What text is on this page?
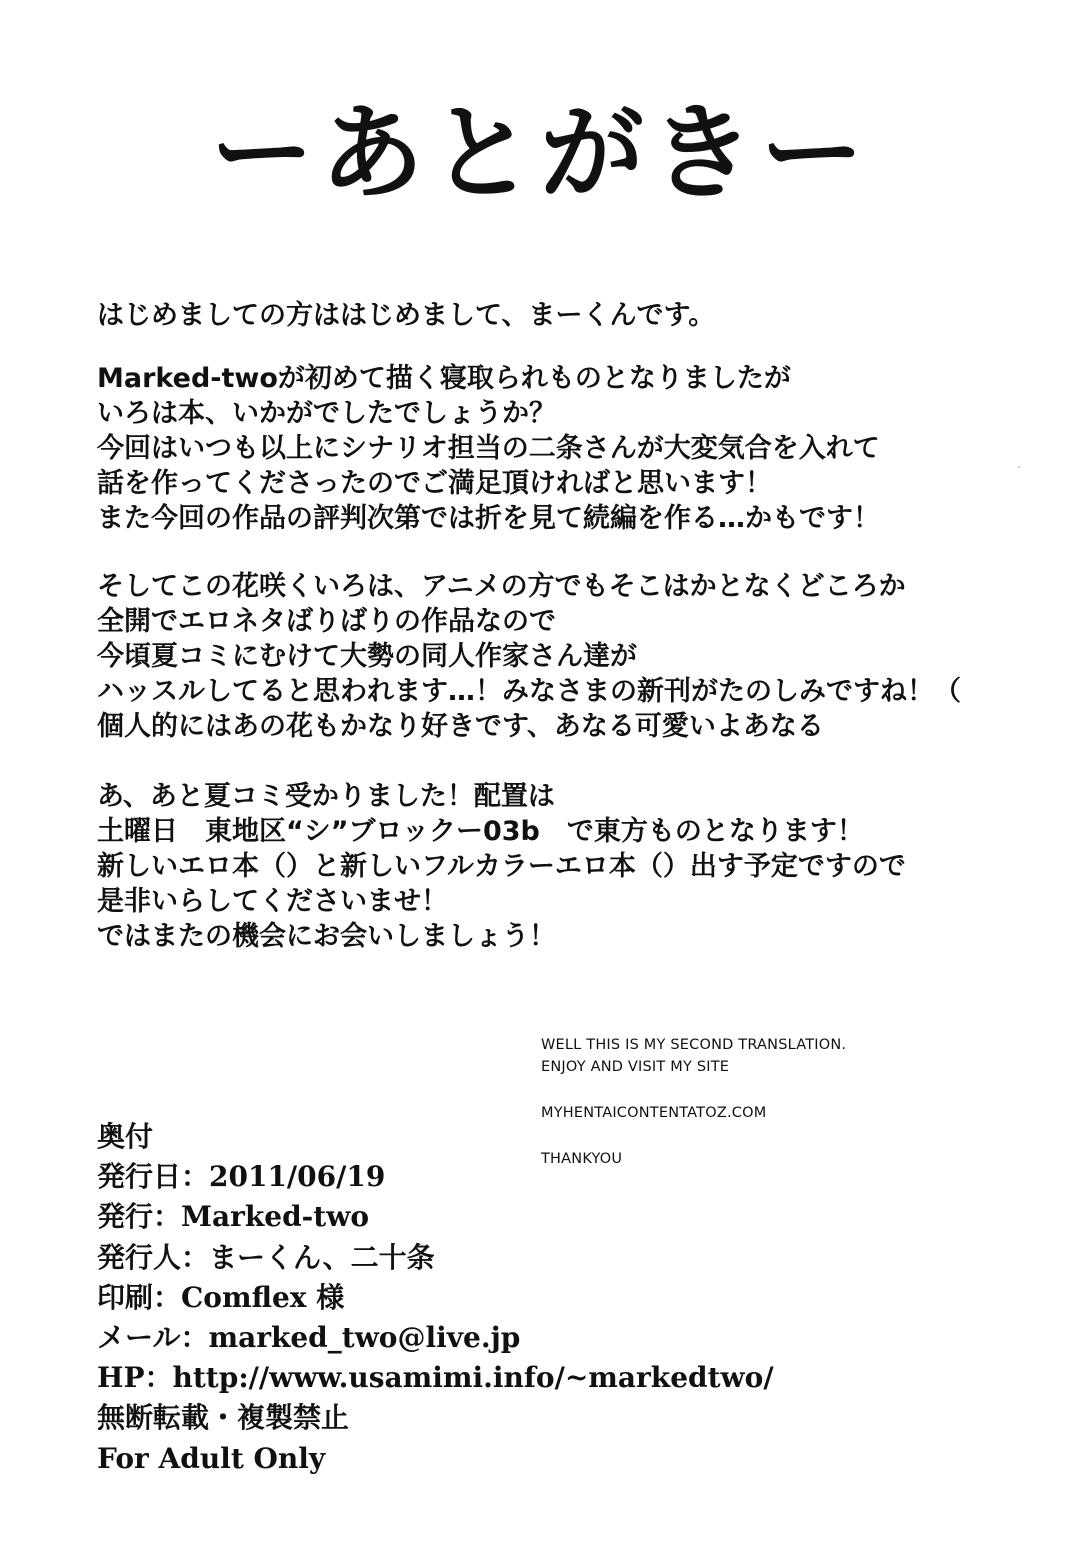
ーあとがきー
はじめましての方ははじめまして、まーくんです。
Marked-twoが初めて描く寝取られものとなりましたが
いろは本、いかがでしたでしょうか？
今回はいつも以上にシナリオ担当の二条さんが大変気合を入れて
話を作ってくださったのでご満足頂ければと思います！
また今回の作品の評判次第では折を見て続編を作る…かもです！
そしてこの花咲くいろは、アニメの方でもそこはかとなくどころか
全開でエロネタばりばりの作品なので
今頃夏コミにむけて大勢の同人作家さん達が
ハッスルしてると思われます…！みなさまの新刊がたのしみですね！（
個人的にはあの花もかなり好きです、あなる可愛いよあなる
あ、あと夏コミ受かりました！配置は
土曜日　東地区“シ”ブロックー03b　で東方ものとなります！
新しいエロ本（）と新しいフルカラーエロ本（）出す予定ですので
是非いらしてくださいませ！
ではまたの機会にお会いしましょう！
WELL THIS IS MY SECOND TRANSLATION.
ENJOY AND VISIT MY SITE
MYHENTAICONTENTATOZ.COM
THANKYOU
奥付
発行日：2011/06/19
発行：Marked-two
発行人：まーくん、二十条
印刷：Comflex 様
メール：marked_two@live.jp
HP：http://www.usamimi.info/~markedtwo/
無断転載・複製禁止
For Adult Only
